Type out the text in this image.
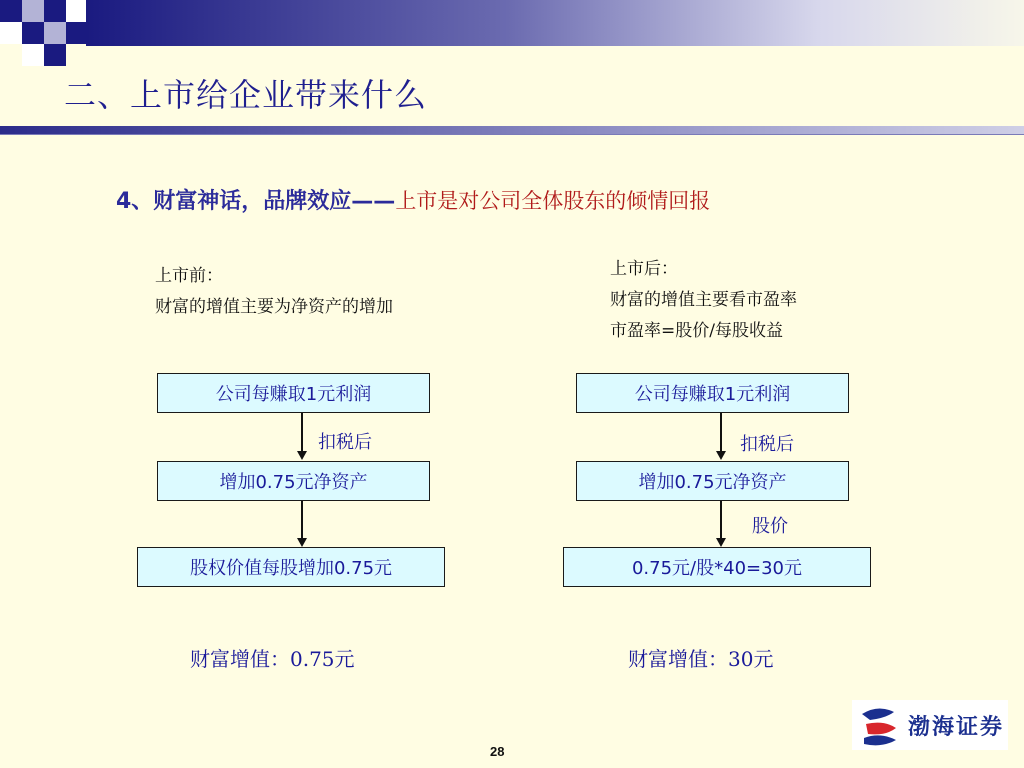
二、上市给企业带来什么
4、财富神话，品牌效应——上市是对公司全体股东的倾情回报
上市前：
财富的增值主要为净资产的增加
公司每赚取1元利润
扣税后
增加0.75元净资产
股权价值每股增加0.75元
财富增值：0.75元
上市后：
财富的增值主要看市盈率
市盈率=股价/每股收益
公司每赚取1元利润
扣税后
增加0.75元净资产
股价
0.75元/股*40=30元
财富增值：30元
渤海证券
28
